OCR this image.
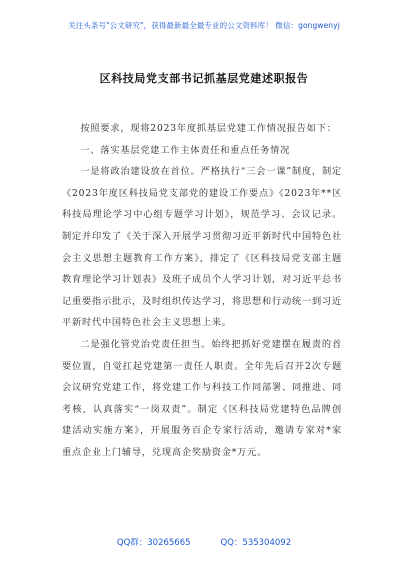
关注头条号"公文研究"，获得最新最全最专业的公文资料库！ 微信：gongwenyj
区科技局党支部书记抓基层党建述职报告

按照要求，现将2023年度抓基层党建工作情况报告如下：

一、落实基层党建工作主体责任和重点任务情况

一是将政治建设放在首位。严格执行“三会一课”制度，制定《2023年度区科技局党支部党的建设工作要点》《2023年**区科技局理论学习中心组专题学习计划》，规范学习、会议记录。制定并印发了《关于深入开展学习贯彻习近平新时代中国特色社会主义思想主题教育工作方案》，排定了《区科技局党支部主题教育理论学习计划表》及班子成员个人学习计划，对习近平总书记重要指示批示，及时组织传达学习，将思想和行动统一到习近平新时代中国特色社会主义思想上来。

二是强化管党治党责任担当。始终把抓好党建摆在履责的首要位置，自觉扛起党建第一责任人职责。全年先后召开2次专题会议研究党建工作，将党建工作与科技工作同部署、同推进、同考核，认真落实“一岗双责”。制定《区科技局党建特色品牌创建活动实施方案》，开展服务百企专家行活动，邀请专家对*家重点企业上门辅导，兑现高企奖励资金*万元。

QQ群：30265665	QQ：535304092
